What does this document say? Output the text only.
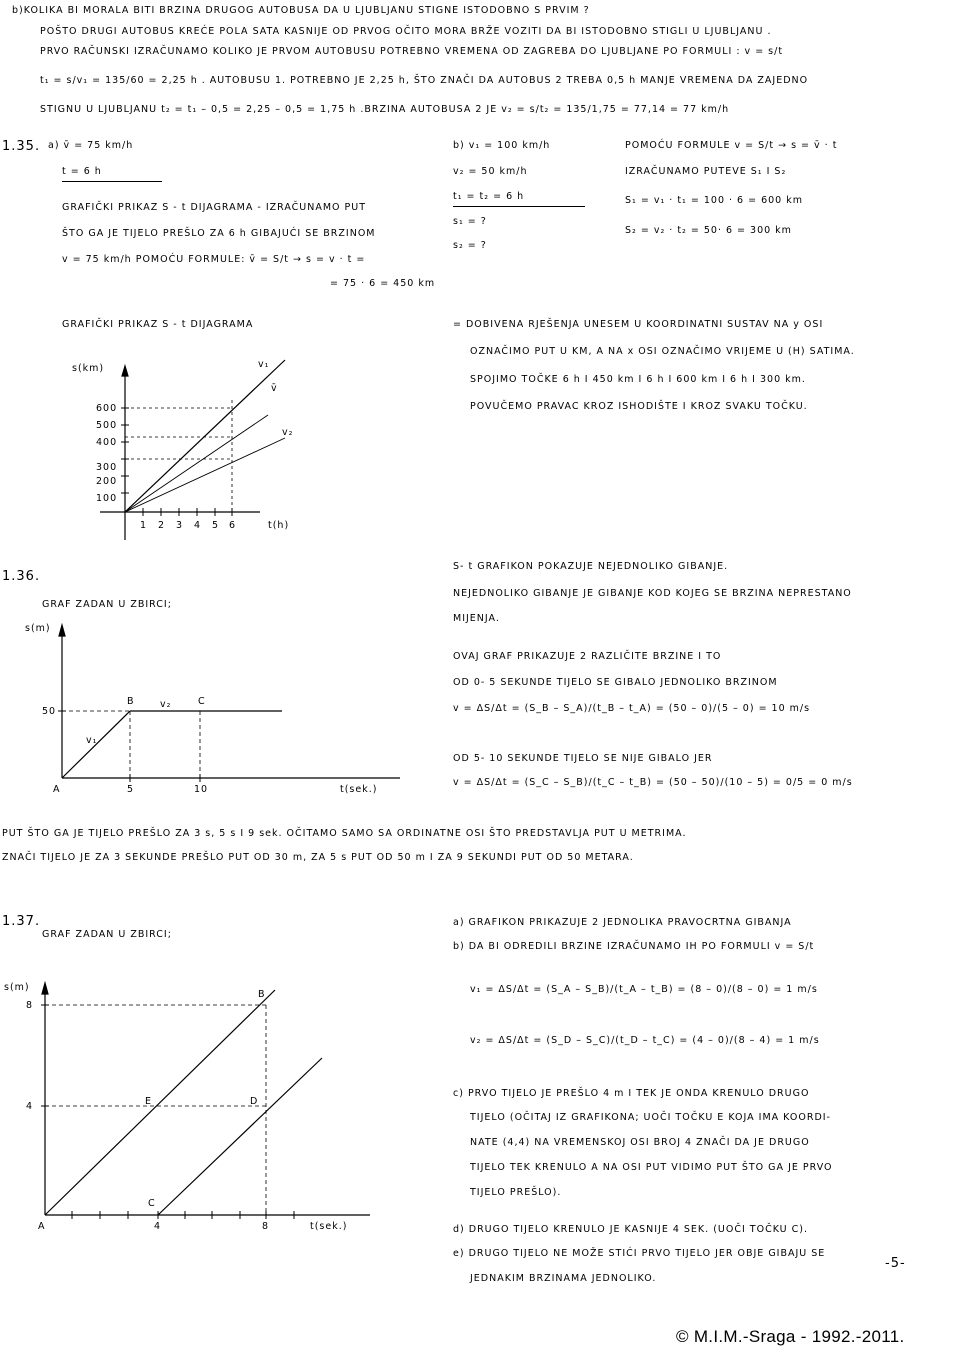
b)KOLIKA BI MORALA BITI BRZINA DRUGOG AUTOBUSA DA U LJUBLJANU STIGNE ISTODOBNO S PRVIM ?
POŠTO DRUGI AUTOBUS KREĆE POLA SATA KASNIJE OD PRVOG OČITO MORA BRŽE VOZITI DA BI ISTODOBNO STIGLI U LJUBLJANU .
PRVO RAČUNSKI IZRAČUNAMO KOLIKO JE PRVOM AUTOBUSU POTREBNO VREMENA OD ZAGREBA DO LJUBLJANE PO FORMULI : v = s/t
t₁ = s/v₁ = 135/60 = 2,25 h . AUTOBUSU 1. POTREBNO JE 2,25 h, ŠTO ZNAČI DA AUTOBUS 2 TREBA 0,5 h MANJE VREMENA DA ZAJEDNO
STIGNU U LJUBLJANU t₂ = t₁ – 0,5 = 2,25 – 0,5 = 1,75 h .BRZINA AUTOBUSA 2 JE v₂ = s/t₂ = 135/1,75 = 77,14 = 77 km/h
1.35. a) v̄ = 75 km/h
t = 6 h
GRAFIČKI PRIKAZ S - t DIJAGRAMA - IZRAČUNAMO PUT
ŠTO GA JE TIJELO PREŠLO ZA 6 h GIBAJUĆI SE BRZINOM
v = 75 km/h POMOĆU FORMULE: v̄ = S/t → s = v · t =
= 75 · 6 = 450 km
b) v₁ = 100 km/h
v₂ = 50 km/h
t₁ = t₂ = 6 h
s₁ = ?
s₂ = ?
POMOĆU FORMULE v = S/t → s = v̄ · t
IZRAČUNAMO PUTEVE S₁ I S₂
S₁ = v₁ · t₁ = 100 · 6 = 600 km
S₂ = v₂ · t₂ = 50· 6 = 300 km
GRAFIČKI PRIKAZ S - t DIJAGRAMA	= DOBIVENA RJEŠENJA UNESEM U KOORDINATNI SUSTAV NA y OSI
OZNAČIMO PUT U KM, A NA x OSI OZNAČIMO VRIJEME U (H) SATIMA.
SPOJIMO TOČKE 6 h I 450 km I 6 h I 600 km I 6 h I 300 km.
POVUČEMO PRAVAC KROZ ISHODIŠTE I KROZ SVAKU TOČKU.
s(km)
600
500
400
300
200
100
1 2 3 4 5 6	t(h)
v₁
v̄
v₂
1.36.
GRAF ZADAN U ZBIRCI;
S- t GRAFIKON POKAZUJE NEJEDNOLIKO GIBANJE.
NEJEDNOLIKO GIBANJE JE GIBANJE KOD KOJEG SE BRZINA NEPRESTANO
MIJENJA.
OVAJ GRAF PRIKAZUJE 2 RAZLIČITE BRZINE I TO
OD 0- 5 SEKUNDE TIJELO SE GIBALO JEDNOLIKO BRZINOM
v = ΔS/Δt = (S_B – S_A)/(t_B – t_A) = (50 – 0)/(5 – 0) = 10 m/s
OD 5- 10 SEKUNDE TIJELO SE NIJE GIBALO JER
v = ΔS/Δt = (S_C – S_B)/(t_C – t_B) = (50 – 50)/(10 – 5) = 0/5 = 0 m/s
s(m)
50
A	5	10	t(sek.)
B	C
v₁
v₂
PUT ŠTO GA JE TIJELO PREŠLO ZA 3 s, 5 s I 9 sek. OČITAMO SAMO SA ORDINATNE OSI ŠTO PREDSTAVLJA PUT U METRIMA.
ZNAČI TIJELO JE ZA 3 SEKUNDE PREŠLO PUT OD 30 m, ZA 5 s PUT OD 50 m I ZA 9 SEKUNDI PUT OD 50 METARA.
1.37.
GRAF ZADAN U ZBIRCI;
a) GRAFIKON PRIKAZUJE 2 JEDNOLIKA PRAVOCRTNA GIBANJA
b) DA BI ODREDILI BRZINE IZRAČUNAMO IH PO FORMULI v = S/t
v₁ = ΔS/Δt = (S_A – S_B)/(t_A – t_B) = (8 – 0)/(8 – 0) = 1 m/s
v₂ = ΔS/Δt = (S_D – S_C)/(t_D – t_C) = (4 – 0)/(8 – 4) = 1 m/s
c) PRVO TIJELO JE PREŠLO 4 m I TEK JE ONDA KRENULO DRUGO
TIJELO (OČITAJ IZ GRAFIKONA; UOČI TOČKU E KOJA IMA KOORDI-
NATE (4,4) NA VREMENSKOJ OSI BROJ 4 ZNAČI DA JE DRUGO
TIJELO TEK KRENULO A NA OSI PUT VIDIMO PUT ŠTO GA JE PRVO
TIJELO PREŠLO).
d) DRUGO TIJELO KRENULO JE KASNIJE 4 SEK. (UOČI TOČKU C).
e) DRUGO TIJELO NE MOŽE STIĆI PRVO TIJELO JER OBJE GIBAJU SE
JEDNAKIM BRZINAMA JEDNOLIKO.
-5-
s(m)
8
4
A	4	8	t(sek.)
B
E	D
C
© M.I.M.-Sraga - 1992.-2011.
